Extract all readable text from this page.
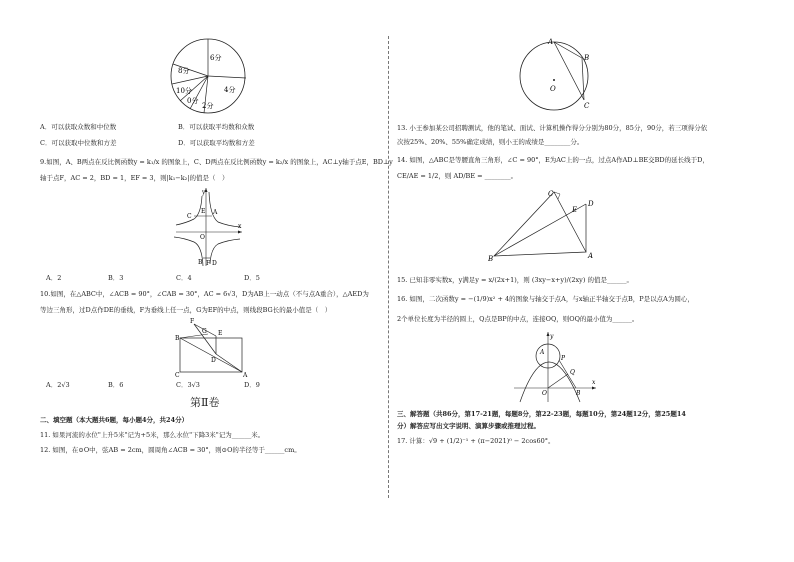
6分
8分
4分
10分
0分
2分
A．可以获取众数和中位数	B．可以获取平均数和众数
C．可以获取中位数和方差	D．可以获取平均数和方差
9.如图，A、B两点在反比例函数y = k₁/x 的图象上，C、D两点在反比例函数y = k₂/x 的图象上，AC⊥y轴于点E，BD⊥y
轴于点F，AC = 2，BD = 1，EF = 3，则|k₁−k₂|的值是（　）
y
C
E A
O
x
B F D
A．2	B．3	C．4	D．5
10.如图，在△ABC中，∠ACB = 90°，∠CAB = 30°，AC = 6√3，D为AB上一动点（不与点A重合），△AED为
等边三角形，过D点作DE的垂线，F为垂线上任一点，G为EF的中点，则线段BG长的最小值是（　）
F
B
G E
D
C	A
A．2√3	B．6	C．3√3	D．9
第Ⅱ卷
二、填空题（本大题共6题，每小题4分，共24分）
11. 如果河流的水位"上升5米"记为+5米，那么水位"下降3米"记为______米。
12. 如图，在⊙O中，弦AB = 2cm，圆周角∠ACB = 30°，则⊙O的半径等于______cm。
A
B
O
C
13. 小王参加某公司招聘测试，他的笔试、面试、计算机操作得分分别为80分，85分，90分，若三项得分依
次按25%、20%、55%确定成绩，则小王的成绩是________分。
14. 如图，△ABC是等腰直角三角形，∠C = 90°，E为AC上的一点，过点A作AD⊥BE交BD的延长线于D，
CE/AE = 1/2，则 AD/BE = ________。
C
D
E
B	A
15. 已知非零实数x，y满足y = x/(2x+1)，则 (3xy−x+y)/(2xy) 的值是______。
16. 如图，二次函数y = −(1/9)x² + 4的图象与轴交于点A，与x轴正半轴交于点B，P是以点A为圆心，
2个单位长度为半径的圆上，Q点是BP的中点，连接OQ，则OQ的最小值为______。
y
A
P
Q
O	B
x
三、解答题（共86分，第17-21题，每题8分，第22-23题，每题10分，第24题12分，第25题14
分）解答应写出文字说明、演算步骤或推理过程。
17. 计算：√9 + (1/2)⁻¹ + (π−2021)⁰ − 2cos60°。
